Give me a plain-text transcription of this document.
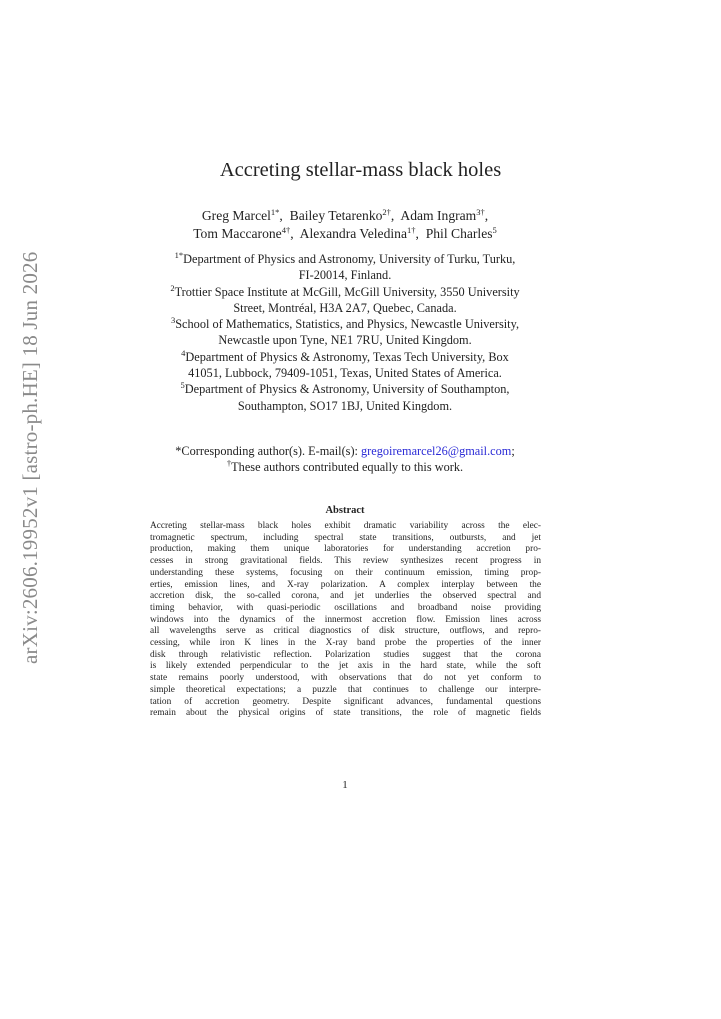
arXiv:2606.19952v1 [astro-ph.HE] 18 Jun 2026
Accreting stellar-mass black holes
Greg Marcel$^{1*}$, Bailey Tetarenko$^{2\dagger}$, Adam Ingram$^{3\dagger}$,
Tom Maccarone$^{4\dagger}$, Alexandra Veledina$^{1\dagger}$, Phil Charles$^5$
$^{1*}$Department of Physics and Astronomy, University of Turku, Turku,
FI-20014, Finland.
$^2$Trottier Space Institute at McGill, McGill University, 3550 University
Street, Montréal, H3A 2A7, Quebec, Canada.
$^3$School of Mathematics, Statistics, and Physics, Newcastle University,
Newcastle upon Tyne, NE1 7RU, United Kingdom.
$^4$Department of Physics & Astronomy, Texas Tech University, Box
41051, Lubbock, 79409-1051, Texas, United States of America.
$^5$Department of Physics & Astronomy, University of Southampton,
Southampton, SO17 1BJ, United Kingdom.
*Corresponding author(s). E-mail(s): gregoiremarcel26@gmail.com;
†These authors contributed equally to this work.
Abstract
Accreting stellar-mass black holes exhibit dramatic variability across the elec-
tromagnetic spectrum, including spectral state transitions, outbursts, and jet
production, making them unique laboratories for understanding accretion pro-
cesses in strong gravitational fields. This review synthesizes recent progress in
understanding these systems, focusing on their continuum emission, timing prop-
erties, emission lines, and X-ray polarization. A complex interplay between the
accretion disk, the so-called corona, and jet underlies the observed spectral and
timing behavior, with quasi-periodic oscillations and broadband noise providing
windows into the dynamics of the innermost accretion flow. Emission lines across
all wavelengths serve as critical diagnostics of disk structure, outflows, and repro-
cessing, while iron K lines in the X-ray band probe the properties of the inner
disk through relativistic reflection. Polarization studies suggest that the corona
is likely extended perpendicular to the jet axis in the hard state, while the soft
state remains poorly understood, with observations that do not yet conform to
simple theoretical expectations; a puzzle that continues to challenge our interpre-
tation of accretion geometry. Despite significant advances, fundamental questions
remain about the physical origins of state transitions, the role of magnetic fields
1
